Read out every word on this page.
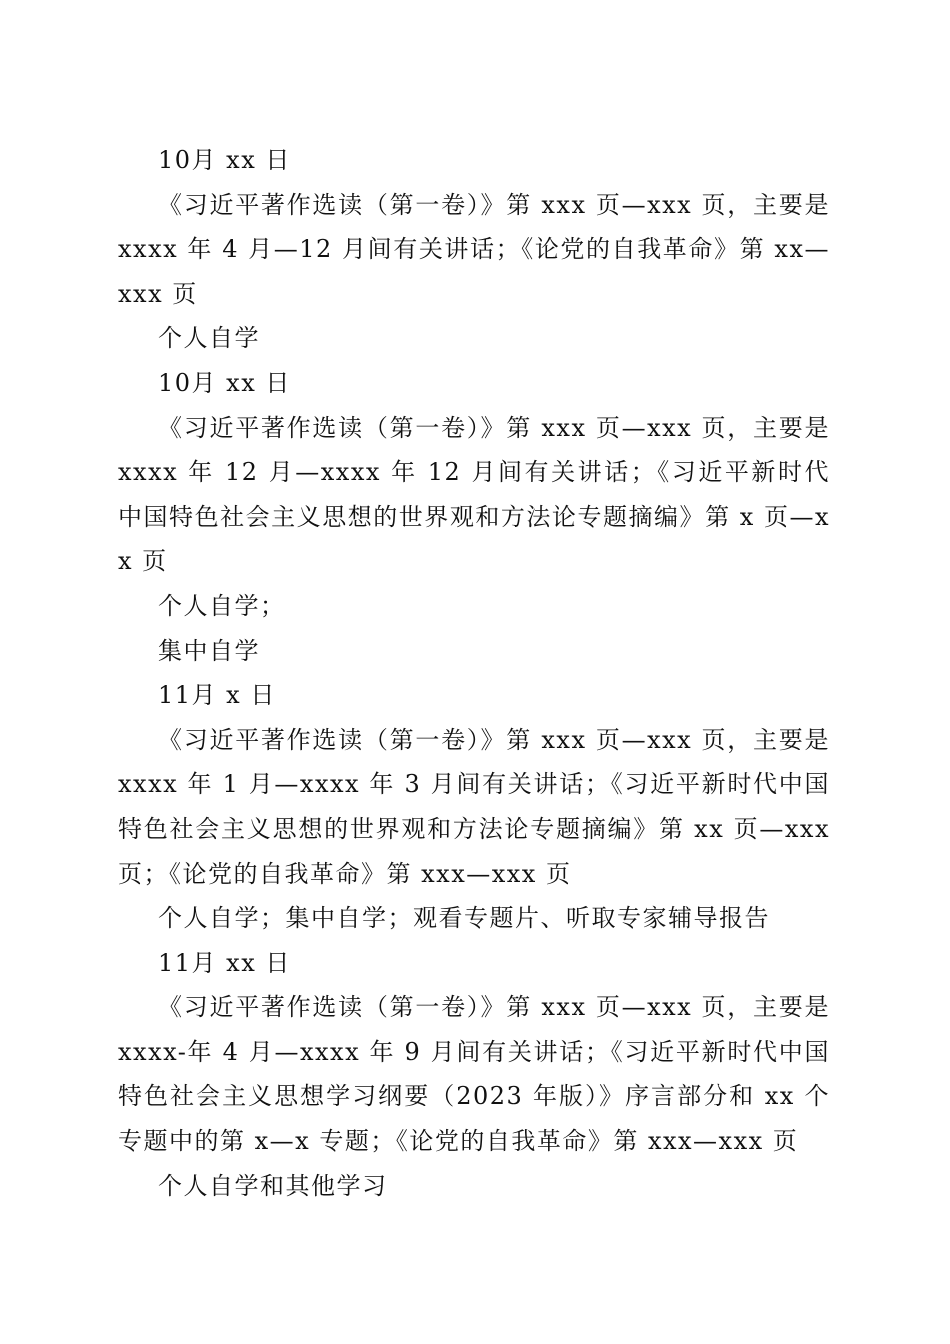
10月 xx 日

《习近平著作选读（第一卷）》第 xxx 页—xxx 页，主要是 xxxx 年 4 月—12 月间有关讲话；《论党的自我革命》第 xx—xxx 页

个人自学

10月 xx 日

《习近平著作选读（第一卷）》第 xxx 页—xxx 页，主要是 xxxx 年 12 月—xxxx 年 12 月间有关讲话；《习近平新时代中国特色社会主义思想的世界观和方法论专题摘编》第 x 页—xx 页

个人自学；

集中自学

11月 x 日

《习近平著作选读（第一卷）》第 xxx 页—xxx 页，主要是 xxxx 年 1 月—xxxx 年 3 月间有关讲话；《习近平新时代中国特色社会主义思想的世界观和方法论专题摘编》第 xx 页—xxx 页；《论党的自我革命》第 xxx—xxx 页

个人自学；集中自学；观看专题片、听取专家辅导报告

11月 xx 日

《习近平著作选读（第一卷）》第 xxx 页—xxx 页，主要是 xxxx-年 4 月—xxxx 年 9 月间有关讲话；《习近平新时代中国特色社会主义思想学习纲要（2023 年版）》序言部分和 xx 个专题中的第 x—x 专题；《论党的自我革命》第 xxx—xxx 页

个人自学和其他学习
